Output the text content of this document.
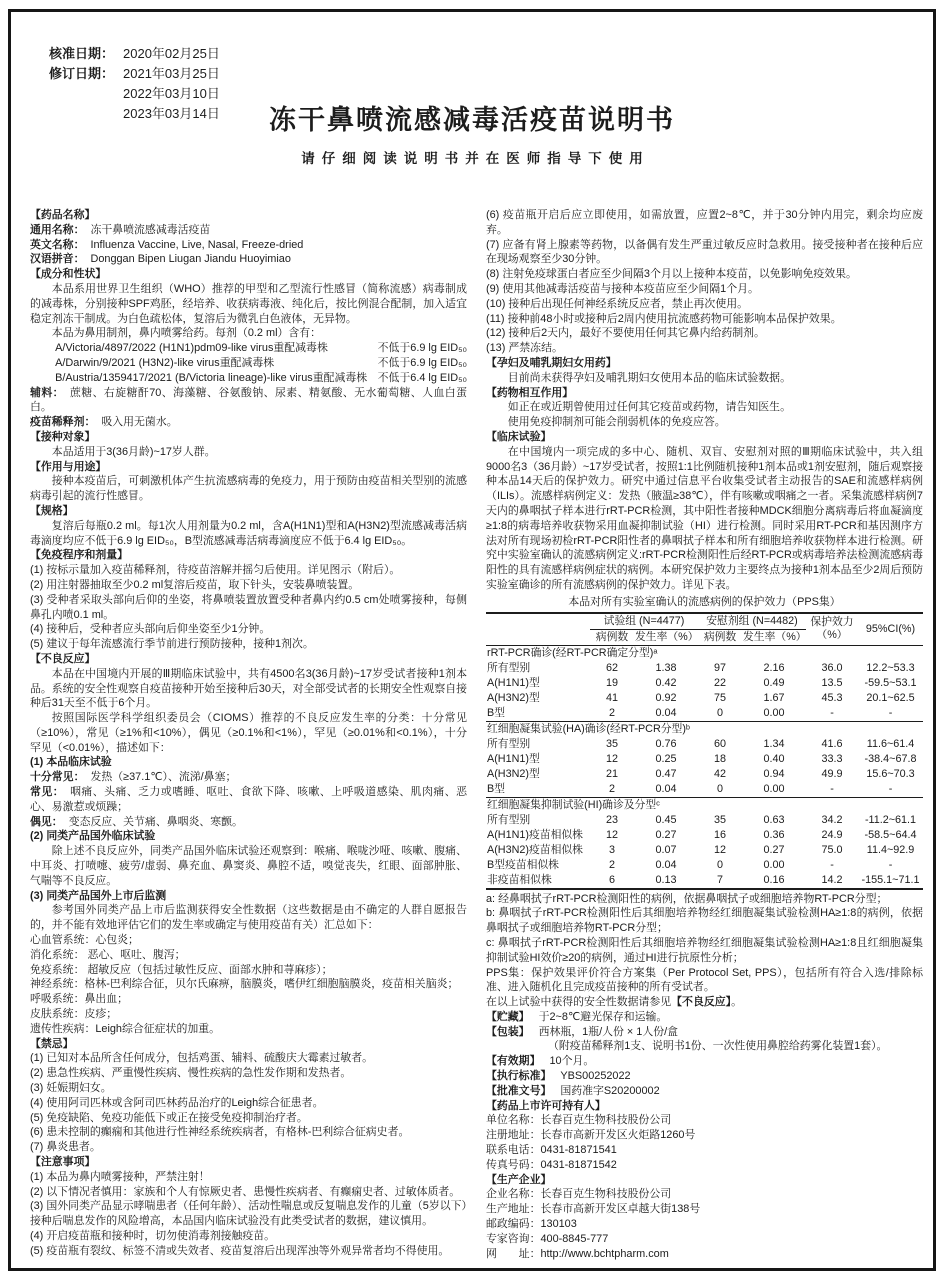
核准日期： 2020年02月25日
修订日期： 2021年03月25日
2022年03月10日
2023年03月14日	冻干鼻喷流感减毒活疫苗说明书
请仔细阅读说明书并在医师指导下使用
【药品名称】
通用名称： 冻干鼻喷流感减毒活疫苗
英文名称： Influenza Vaccine, Live, Nasal, Freeze-dried
汉语拼音： Donggan Bipen Liugan Jiandu Huoyimiao
【成分和性状】
本品系用世界卫生组织（WHO）推荐的甲型和乙型流行性感冒（简称流感）病毒制成的减毒株，分别接种SPF鸡胚，经培养、收获病毒液、纯化后，按比例混合配制，加入适宜稳定剂冻干制成。为白色疏松体，复溶后为微乳白色液体，无异物。
本品为鼻用制剂，鼻内喷雾给药。每剂（0.2 ml）含有：
A/Victoria/4897/2022 (H1N1)pdm09-like virus重配减毒株	不低于6.9 lg EID₅₀
A/Darwin/9/2021 (H3N2)-like virus重配减毒株	不低于6.9 lg EID₅₀
B/Austria/1359417/2021 (B/Victoria lineage)-like virus重配减毒株 不低于6.4 lg EID₅₀
辅料： 蔗糖、右旋糖酐70、海藻糖、谷氨酸钠、尿素、精氨酸、无水葡萄糖、人血白蛋白。
疫苗稀释剂： 吸入用无菌水。
【接种对象】
本品适用于3(36月龄)~17岁人群。
【作用与用途】
接种本疫苗后，可刺激机体产生抗流感病毒的免疫力，用于预防由疫苗相关型别的流感病毒引起的流行性感冒。
【规格】
复溶后每瓶0.2 ml。每1次人用剂量为0.2 ml，含A(H1N1)型和A(H3N2)型流感减毒活病毒滴度均应不低于6.9 lg EID₅₀，B型流感减毒活病毒滴度应不低于6.4 lg EID₅₀。
【免疫程序和剂量】
(1) 按标示量加入疫苗稀释剂，待疫苗溶解并摇匀后使用。详见图示（附后）。
(2) 用注射器抽取至少0.2 ml复溶后疫苗，取下针头，安装鼻喷装置。
(3) 受种者采取头部向后仰的坐姿，将鼻喷装置放置受种者鼻内约0.5 cm处喷雾接种，每侧鼻孔内喷0.1 ml。
(4) 接种后，受种者应头部向后仰坐姿至少1分钟。
(5) 建议于每年流感流行季节前进行预防接种，接种1剂次。
【不良反应】
本品在中国境内开展的Ⅲ期临床试验中，共有4500名3(36月龄)~17岁受试者接种1剂本品。系统的安全性观察自疫苗接种开始至接种后30天，对全部受试者的长期安全性观察自接种后31天至不低于6个月。
按照国际医学科学组织委员会（CIOMS）推荐的不良反应发生率的分类：十分常见（≥10%），常见（≥1%和<10%），偶见（≥0.1%和<1%），罕见（≥0.01%和<0.1%），十分罕见（<0.01%），描述如下：
(1) 本品临床试验
十分常见： 发热（≥37.1℃）、流涕/鼻塞；
常见： 咽痛、头痛、乏力或嗜睡、呕吐、食欲下降、咳嗽、上呼吸道感染、肌肉痛、恶心、易激惹或烦躁；
偶见： 变态反应、关节痛、鼻咽炎、寒颤。
(2) 同类产品国外临床试验
除上述不良反应外，同类产品国外临床试验还观察到：喉痛、喉咙沙哑、咳嗽、腹痛、中耳炎、打喷嚏、疲劳/虚弱、鼻充血、鼻窦炎、鼻腔不适，嗅觉丧失，红眼、面部肿胀、气喘等不良反应。
(3) 同类产品国外上市后监测
参考国外同类产品上市后监测获得安全性数据（这些数据是由不确定的人群自愿报告的，并不能有效地评估它们的发生率或确定与使用疫苗有关）汇总如下：
心血管系统：心包炎；
消化系统： 恶心、呕吐、腹泻；
免疫系统： 超敏反应（包括过敏性反应、面部水肿和荨麻疹）；
神经系统：格林-巴利综合征，贝尔氏麻痹，脑膜炎，嗜伊红细胞脑膜炎，疫苗相关脑炎；
呼吸系统：鼻出血；
皮肤系统：皮疹；
遗传性疾病：Leigh综合征症状的加重。
【禁忌】
(1) 已知对本品所含任何成分，包括鸡蛋、辅料、硫酸庆大霉素过敏者。
(2) 患急性疾病、严重慢性疾病、慢性疾病的急性发作期和发热者。
(3) 妊娠期妇女。
(4) 使用阿司匹林或含阿司匹林药品治疗的Leigh综合征患者。
(5) 免疫缺陷、免疫功能低下或正在接受免疫抑制治疗者。
(6) 患未控制的癫痫和其他进行性神经系统疾病者，有格林-巴利综合征病史者。
(7) 鼻炎患者。
【注意事项】
(1) 本品为鼻内喷雾接种，严禁注射！
(2) 以下情况者慎用：家族和个人有惊厥史者、患慢性疾病者、有癫痫史者、过敏体质者。
(3) 国外同类产品显示哮喘患者（任何年龄）、活动性喘息或反复喘息发作的儿童（5岁以下）接种后喘息发作的风险增高，本品国内临床试验没有此类受试者的数据，建议慎用。
(4) 开启疫苗瓶和接种时，切勿使消毒剂接触疫苗。
(5) 疫苗瓶有裂纹、标签不清或失效者、疫苗复溶后出现浑浊等外观异常者均不得使用。
(6) 疫苗瓶开启后应立即使用，如需放置，应置2~8℃，并于30分钟内用完，剩余均应废弃。
(7) 应备有肾上腺素等药物，以备偶有发生严重过敏反应时急救用。接受接种者在接种后应在现场观察至少30分钟。
(8) 注射免疫球蛋白者应至少间隔3个月以上接种本疫苗，以免影响免疫效果。
(9) 使用其他减毒活疫苗与接种本疫苗应至少间隔1个月。
(10) 接种后出现任何神经系统反应者，禁止再次使用。
(11) 接种前48小时或接种后2周内使用抗流感药物可能影响本品保护效果。
(12) 接种后2天内，最好不要使用任何其它鼻内给药制剂。
(13) 严禁冻结。
【孕妇及哺乳期妇女用药】
目前尚未获得孕妇及哺乳期妇女使用本品的临床试验数据。
【药物相互作用】
如正在或近期曾使用过任何其它疫苗或药物，请告知医生。
使用免疫抑制剂可能会削弱机体的免疫应答。
【临床试验】
在中国境内一项完成的多中心、随机、双盲、安慰剂对照的Ⅲ期临床试验中，共入组9000名3（36月龄）~17岁受试者，按照1:1比例随机接种1剂本品或1剂安慰剂，随后观察接种本品14天后的保护效力。研究中通过信息平台收集受试者主动报告的SAE和流感样病例（ILIs）。流感样病例定义：发热（腋温≥38℃），伴有咳嗽或咽痛之一者。采集流感样病例7天内的鼻咽拭子样本进行rRT-PCR检测，其中阳性者接种MDCK细胞分离病毒后将血凝滴度≥1:8的病毒培养收获物采用血凝抑制试验（HI）进行检测。同时采用RT-PCR和基因测序方法对所有现场初检rRT-PCR阳性者的鼻咽拭子样本和所有细胞培养收获物样本进行检测。研究中实验室确认的流感病例定义:rRT-PCR检测阳性后经RT-PCR或病毒培养法检测流感病毒阳性的具有流感样病例症状的病例。本研究保护效力主要终点为接种1剂本品至少2周后预防实验室确诊的所有流感病例的保护效力。详见下表。
本品对所有实验室确认的流感病例的保护效力（PPS集）
	试验组 (N=4477)		安慰剂组 (N=4482)		保护效力（%）	95%CI(%)
	病例数	发生率（%）	病例数	发生率（%）		
rRT-PCR确诊(经RT-PCR确定分型)ᵃ						
所有型别	62	1.38	97	2.16	36.0	12.2~53.3
A(H1N1)型	19	0.42	22	0.49	13.5	-59.5~53.1
A(H3N2)型	41	0.92	75	1.67	45.3	20.1~62.5
B型	2	0.04	0	0.00	-	-
红细胞凝集试验(HA)确诊(经RT-PCR分型)ᵇ						
所有型别	35	0.76	60	1.34	41.6	11.6~61.4
A(H1N1)型	12	0.25	18	0.40	33.3	-38.4~67.8
A(H3N2)型	21	0.47	42	0.94	49.9	15.6~70.3
B型	2	0.04	0	0.00	-	-
红细胞凝集抑制试验(HI)确诊及分型ᶜ						
所有型别	23	0.45	35	0.63	34.2	-11.2~61.1
A(H1N1)疫苗相似株	12	0.27	16	0.36	24.9	-58.5~64.4
A(H3N2)疫苗相似株	3	0.07	12	0.27	75.0	11.4~92.9
B型疫苗相似株	2	0.04	0	0.00	-	-
非疫苗相似株	6	0.13	7	0.16	14.2	-155.1~71.1
a: 经鼻咽拭子rRT-PCR检测阳性的病例，依据鼻咽拭子或细胞培养物RT-PCR分型；
b: 鼻咽拭子rRT-PCR检测阳性后其细胞培养物经红细胞凝集试验检测HA≥1:8的病例，依据鼻咽拭子或细胞培养物RT-PCR分型；
c: 鼻咽拭子rRT-PCR检测阳性后其细胞培养物经红细胞凝集试验检测HA≥1:8且红细胞凝集抑制试验HI效价≥20的病例，通过HI进行抗原性分析；
PPS集：保护效果评价符合方案集（Per Protocol Set, PPS），包括所有符合入选/排除标准、进入随机化且完成疫苗接种的所有受试者。
在以上试验中获得的安全性数据请参见【不良反应】。
【贮藏】 于2~8℃避光保存和运输。
【包装】 西林瓶，1瓶/人份 × 1人份/盒
（附疫苗稀释剂1支、说明书1份、一次性使用鼻腔给药雾化装置1套）。
【有效期】 10个月。
【执行标准】 YBS00252022
【批准文号】 国药准字S20200002
【药品上市许可持有人】
单位名称：长春百克生物科技股份公司
注册地址：长春市高新开发区火炬路1260号
联系电话：0431-81871541
传真号码：0431-81871542
【生产企业】
企业名称：长春百克生物科技股份公司
生产地址：长春市高新开发区卓越大街138号
邮政编码：130103
专家咨询：400-8845-777
网　　址：http://www.bchtpharm.com
